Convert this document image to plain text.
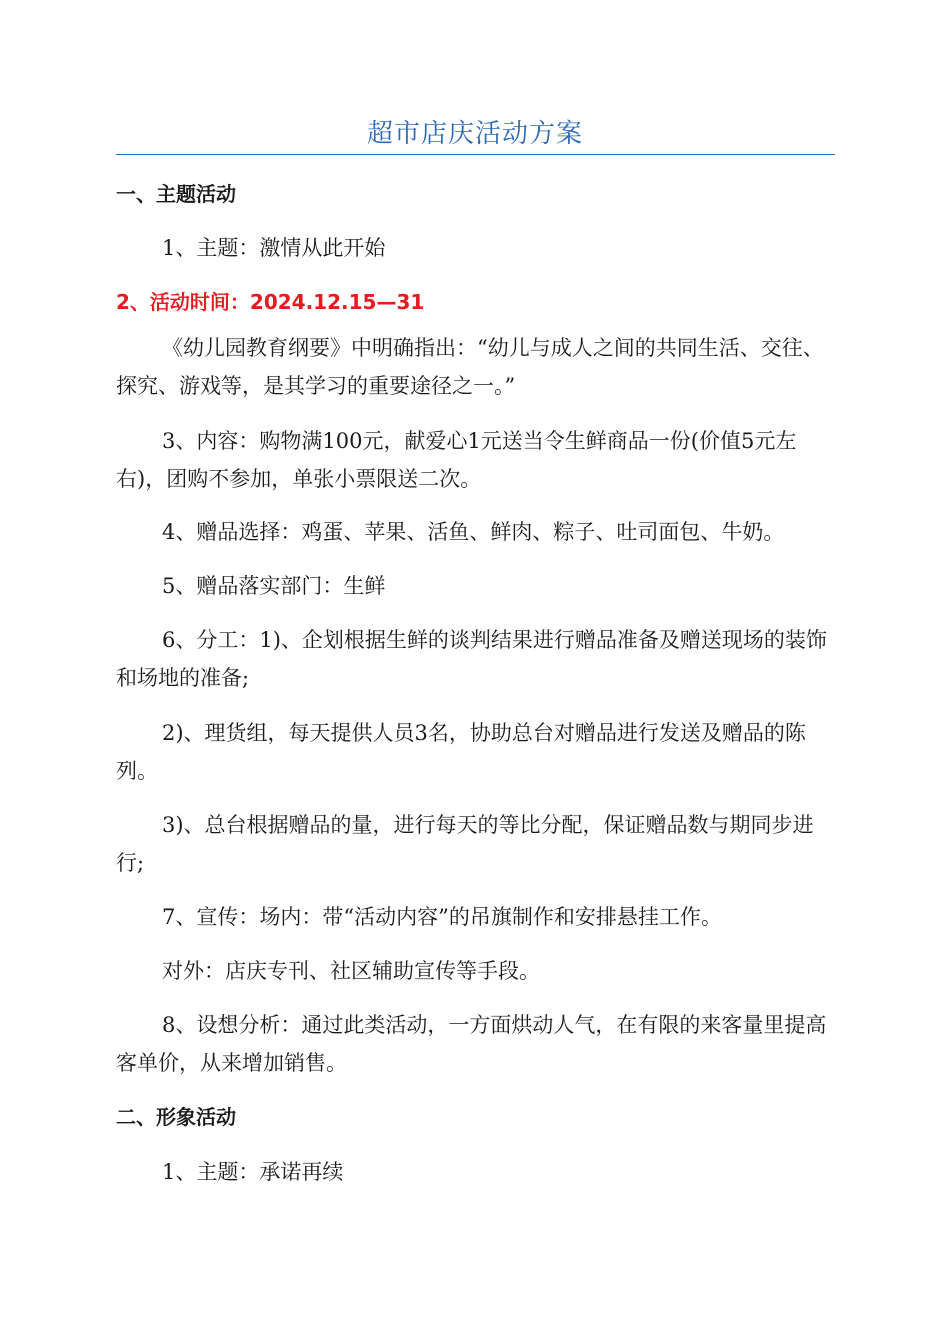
超市店庆活动方案

一、主题活动

1、主题：激情从此开始

2、活动时间：2024.12.15—31

《幼儿园教育纲要》中明确指出：“幼儿与成人之间的共同生活、交往、探究、游戏等，是其学习的重要途径之一。”

3、内容：购物满100元，献爱心1元送当令生鲜商品一份(价值5元左右)，团购不参加，单张小票限送二次。

4、赠品选择：鸡蛋、苹果、活鱼、鲜肉、粽子、吐司面包、牛奶。

5、赠品落实部门：生鲜

6、分工：1)、企划根据生鲜的谈判结果进行赠品准备及赠送现场的装饰和场地的准备;

2)、理货组，每天提供人员3名，协助总台对赠品进行发送及赠品的陈列。

3)、总台根据赠品的量，进行每天的等比分配，保证赠品数与期同步进行;

7、宣传：场内：带“活动内容”的吊旗制作和安排悬挂工作。

对外：店庆专刊、社区辅助宣传等手段。

8、设想分析：通过此类活动，一方面烘动人气，在有限的来客量里提高客单价，从来增加销售。

二、形象活动

1、主题：承诺再续
